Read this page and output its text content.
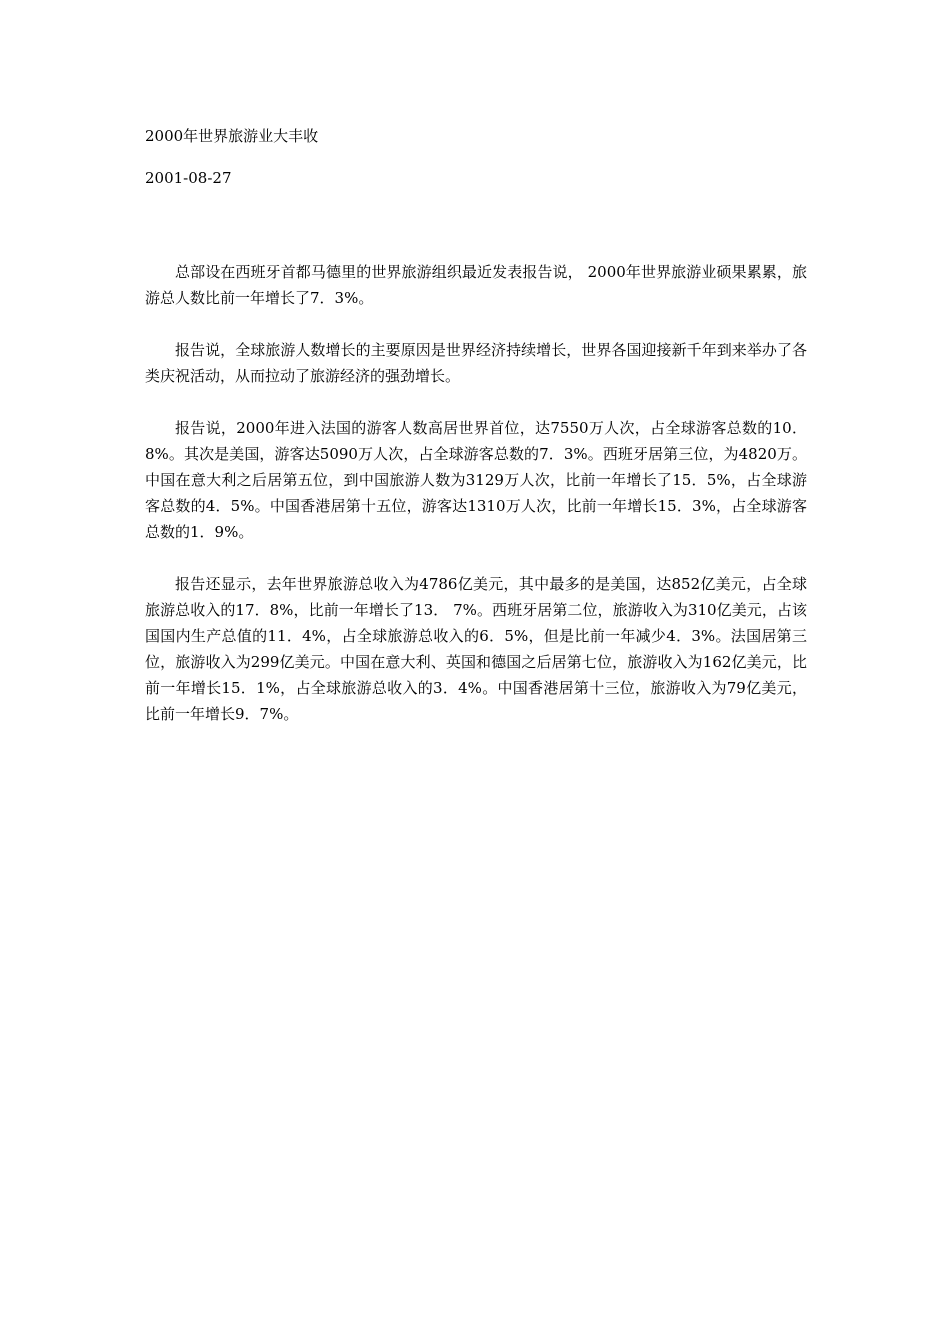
2000年世界旅游业大丰收

2001-08-27

总部设在西班牙首都马德里的世界旅游组织最近发表报告说， 2000年世界旅游业硕果累累，旅游总人数比前一年增长了7．3%。

报告说，全球旅游人数增长的主要原因是世界经济持续增长，世界各国迎接新千年到来举办了各类庆祝活动，从而拉动了旅游经济的强劲增长。

报告说，2000年进入法国的游客人数高居世界首位，达7550万人次，占全球游客总数的10．8%。其次是美国，游客达5090万人次，占全球游客总数的7．3%。西班牙居第三位，为4820万。中国在意大利之后居第五位，到中国旅游人数为3129万人次，比前一年增长了15．5%，占全球游客总数的4．5%。中国香港居第十五位，游客达1310万人次，比前一年增长15．3%，占全球游客总数的1．9%。

报告还显示，去年世界旅游总收入为4786亿美元，其中最多的是美国，达852亿美元，占全球旅游总收入的17．8%，比前一年增长了13． 7%。西班牙居第二位，旅游收入为310亿美元，占该国国内生产总值的11．4%，占全球旅游总收入的6．5%，但是比前一年减少4．3%。法国居第三位，旅游收入为299亿美元。中国在意大利、英国和德国之后居第七位，旅游收入为162亿美元，比前一年增长15．1%，占全球旅游总收入的3．4%。中国香港居第十三位，旅游收入为79亿美元，比前一年增长9．7%。
